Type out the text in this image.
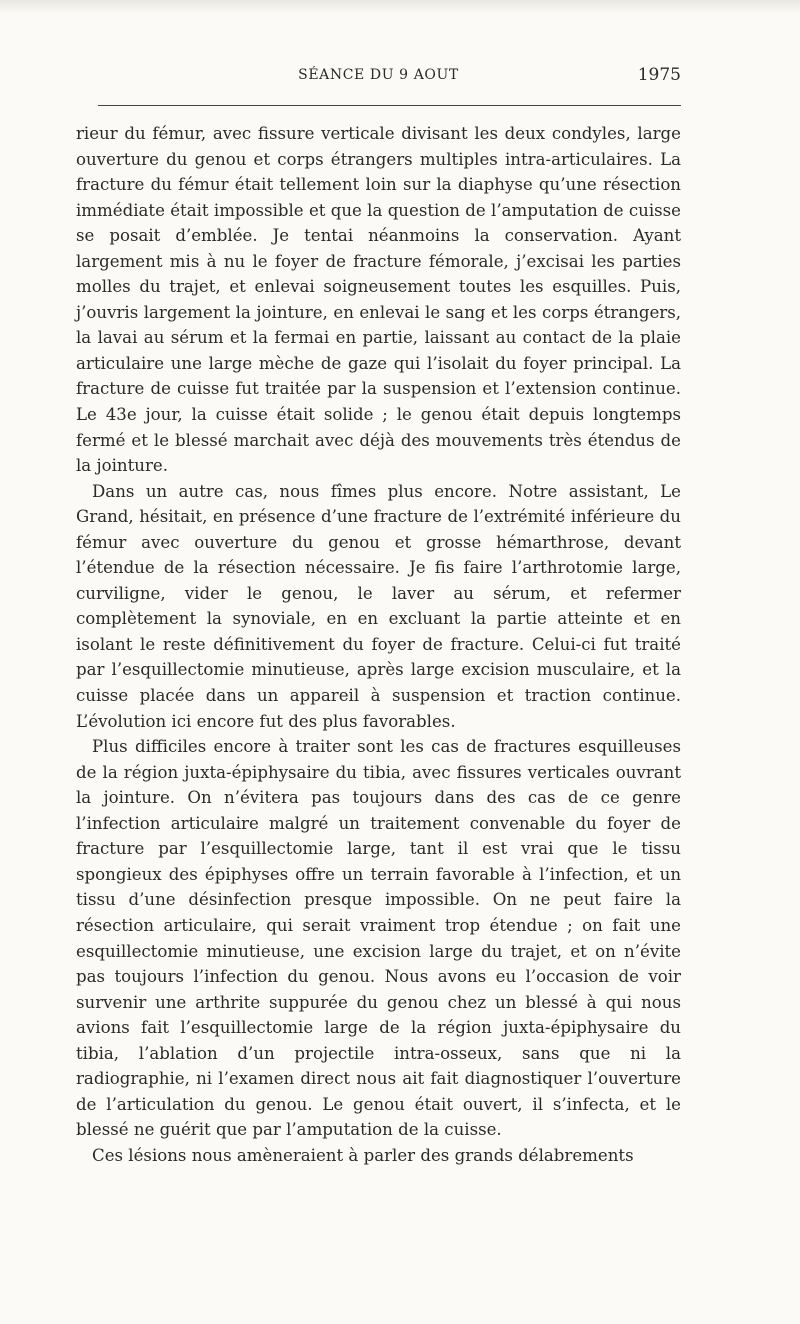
SÉANCE DU 9 AOUT	1975

rieur du fémur, avec fissure verticale divisant les deux condyles, large ouverture du genou et corps étrangers multiples intra-articulaires. La fracture du fémur était tellement loin sur la diaphyse qu’une résection immédiate était impossible et que la question de l’amputation de cuisse se posait d’emblée. Je tentai néanmoins la conservation. Ayant largement mis à nu le foyer de fracture fémorale, j’excisai les parties molles du trajet, et enlevai soigneusement toutes les esquilles. Puis, j’ouvris largement la jointure, en enlevai le sang et les corps étrangers, la lavai au sérum et la fermai en partie, laissant au contact de la plaie articulaire une large mèche de gaze qui l’isolait du foyer principal. La fracture de cuisse fut traitée par la suspension et l’extension continue. Le 43e jour, la cuisse était solide ; le genou était depuis longtemps fermé et le blessé marchait avec déjà des mouvements très étendus de la jointure.

Dans un autre cas, nous fîmes plus encore. Notre assistant, Le Grand, hésitait, en présence d’une fracture de l’extrémité inférieure du fémur avec ouverture du genou et grosse hémarthrose, devant l’étendue de la résection nécessaire. Je fis faire l’arthrotomie large, curviligne, vider le genou, le laver au sérum, et refermer complètement la synoviale, en en excluant la partie atteinte et en isolant le reste définitivement du foyer de fracture. Celui-ci fut traité par l’esquillectomie minutieuse, après large excision musculaire, et la cuisse placée dans un appareil à suspension et traction continue. L’évolution ici encore fut des plus favorables.

Plus difficiles encore à traiter sont les cas de fractures esquilleuses de la région juxta-épiphysaire du tibia, avec fissures verticales ouvrant la jointure. On n’évitera pas toujours dans des cas de ce genre l’infection articulaire malgré un traitement convenable du foyer de fracture par l’esquillectomie large, tant il est vrai que le tissu spongieux des épiphyses offre un terrain favorable à l’infection, et un tissu d’une désinfection presque impossible. On ne peut faire la résection articulaire, qui serait vraiment trop étendue ; on fait une esquillectomie minutieuse, une excision large du trajet, et on n’évite pas toujours l’infection du genou. Nous avons eu l’occasion de voir survenir une arthrite suppurée du genou chez un blessé à qui nous avions fait l’esquillectomie large de la région juxta-épiphysaire du tibia, l’ablation d’un projectile intra-osseux, sans que ni la radiographie, ni l’examen direct nous ait fait diagnostiquer l’ouverture de l’articulation du genou. Le genou était ouvert, il s’infecta, et le blessé ne guérit que par l’amputation de la cuisse.

Ces lésions nous amèneraient à parler des grands délabrements
